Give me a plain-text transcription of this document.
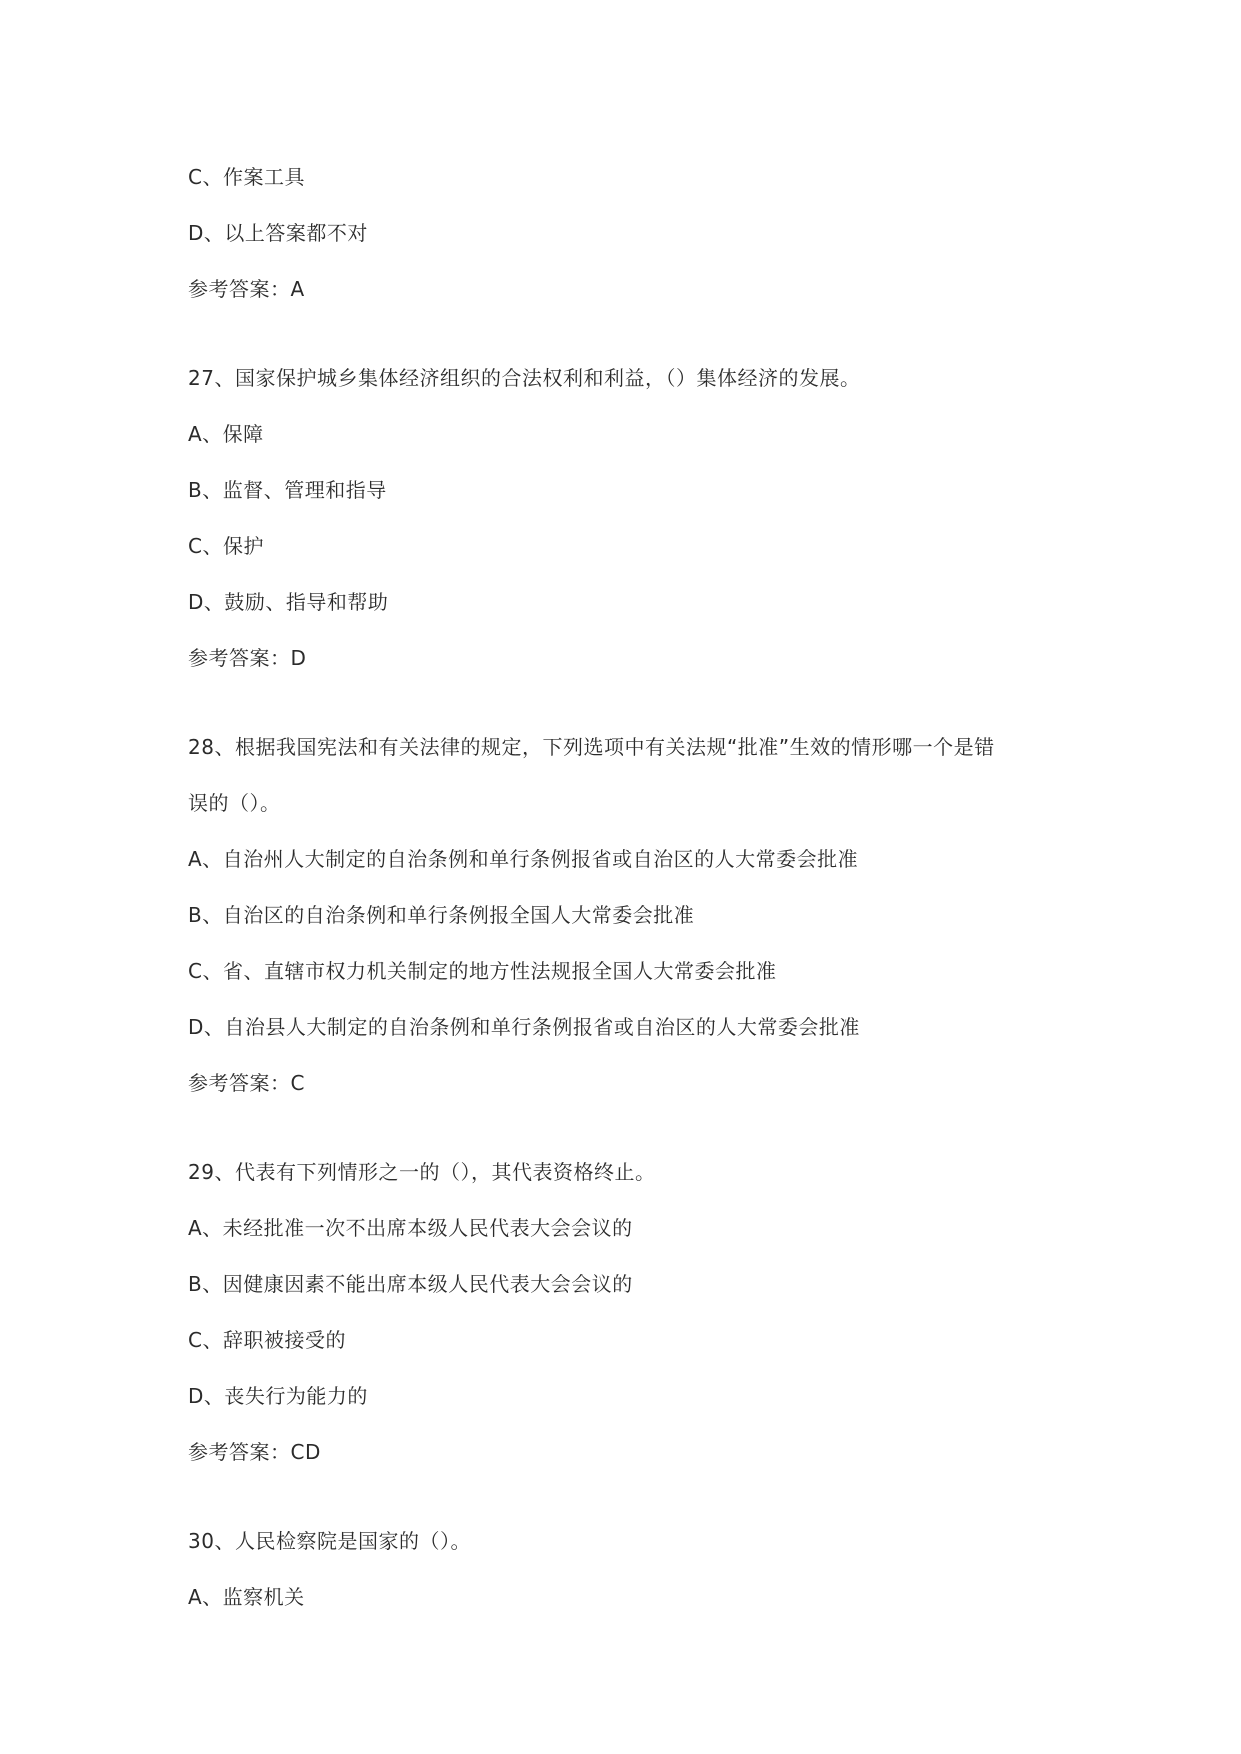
C、作案工具
D、以上答案都不对
参考答案：A
27、国家保护城乡集体经济组织的合法权利和利益，（）集体经济的发展。
A、保障
B、监督、管理和指导
C、保护
D、鼓励、指导和帮助
参考答案：D
28、根据我国宪法和有关法律的规定，下列选项中有关法规“批准”生效的情形哪一个是错
误的（）。
A、自治州人大制定的自治条例和单行条例报省或自治区的人大常委会批准
B、自治区的自治条例和单行条例报全国人大常委会批准
C、省、直辖市权力机关制定的地方性法规报全国人大常委会批准
D、自治县人大制定的自治条例和单行条例报省或自治区的人大常委会批准
参考答案：C
29、代表有下列情形之一的（），其代表资格终止。
A、未经批准一次不出席本级人民代表大会会议的
B、因健康因素不能出席本级人民代表大会会议的
C、辞职被接受的
D、丧失行为能力的
参考答案：CD
30、人民检察院是国家的（）。
A、监察机关
